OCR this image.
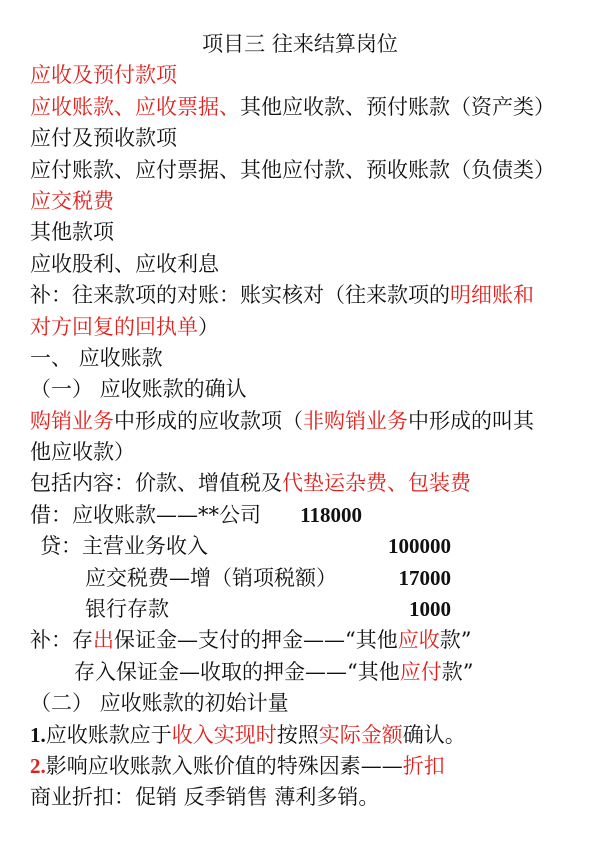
项目三 往来结算岗位
应收及预付款项
应收账款、应收票据、其他应收款、预付账款（资产类）
应付及预收款项
应付账款、应付票据、其他应付款、预收账款（负债类）
应交税费
其他款项
应收股利、应收利息
补：往来款项的对账：账实核对（往来款项的明细账和
对方回复的回执单）
一、 应收账款
（一） 应收账款的确认
购销业务中形成的应收款项（非购销业务中形成的叫其
他应收款）
包括内容：价款、增值税及代垫运杂费、包装费
借：应收账款——**公司	118000
贷：主营业务收入	100000
应交税费—增（销项税额）	17000
银行存款	1000
补：存出保证金—支付的押金——“其他应收款”
存入保证金—收取的押金——“其他应付款”
（二） 应收账款的初始计量
1.应收账款应于收入实现时按照实际金额确认。
2.影响应收账款入账价值的特殊因素——折扣
商业折扣：促销 反季销售 薄利多销。
